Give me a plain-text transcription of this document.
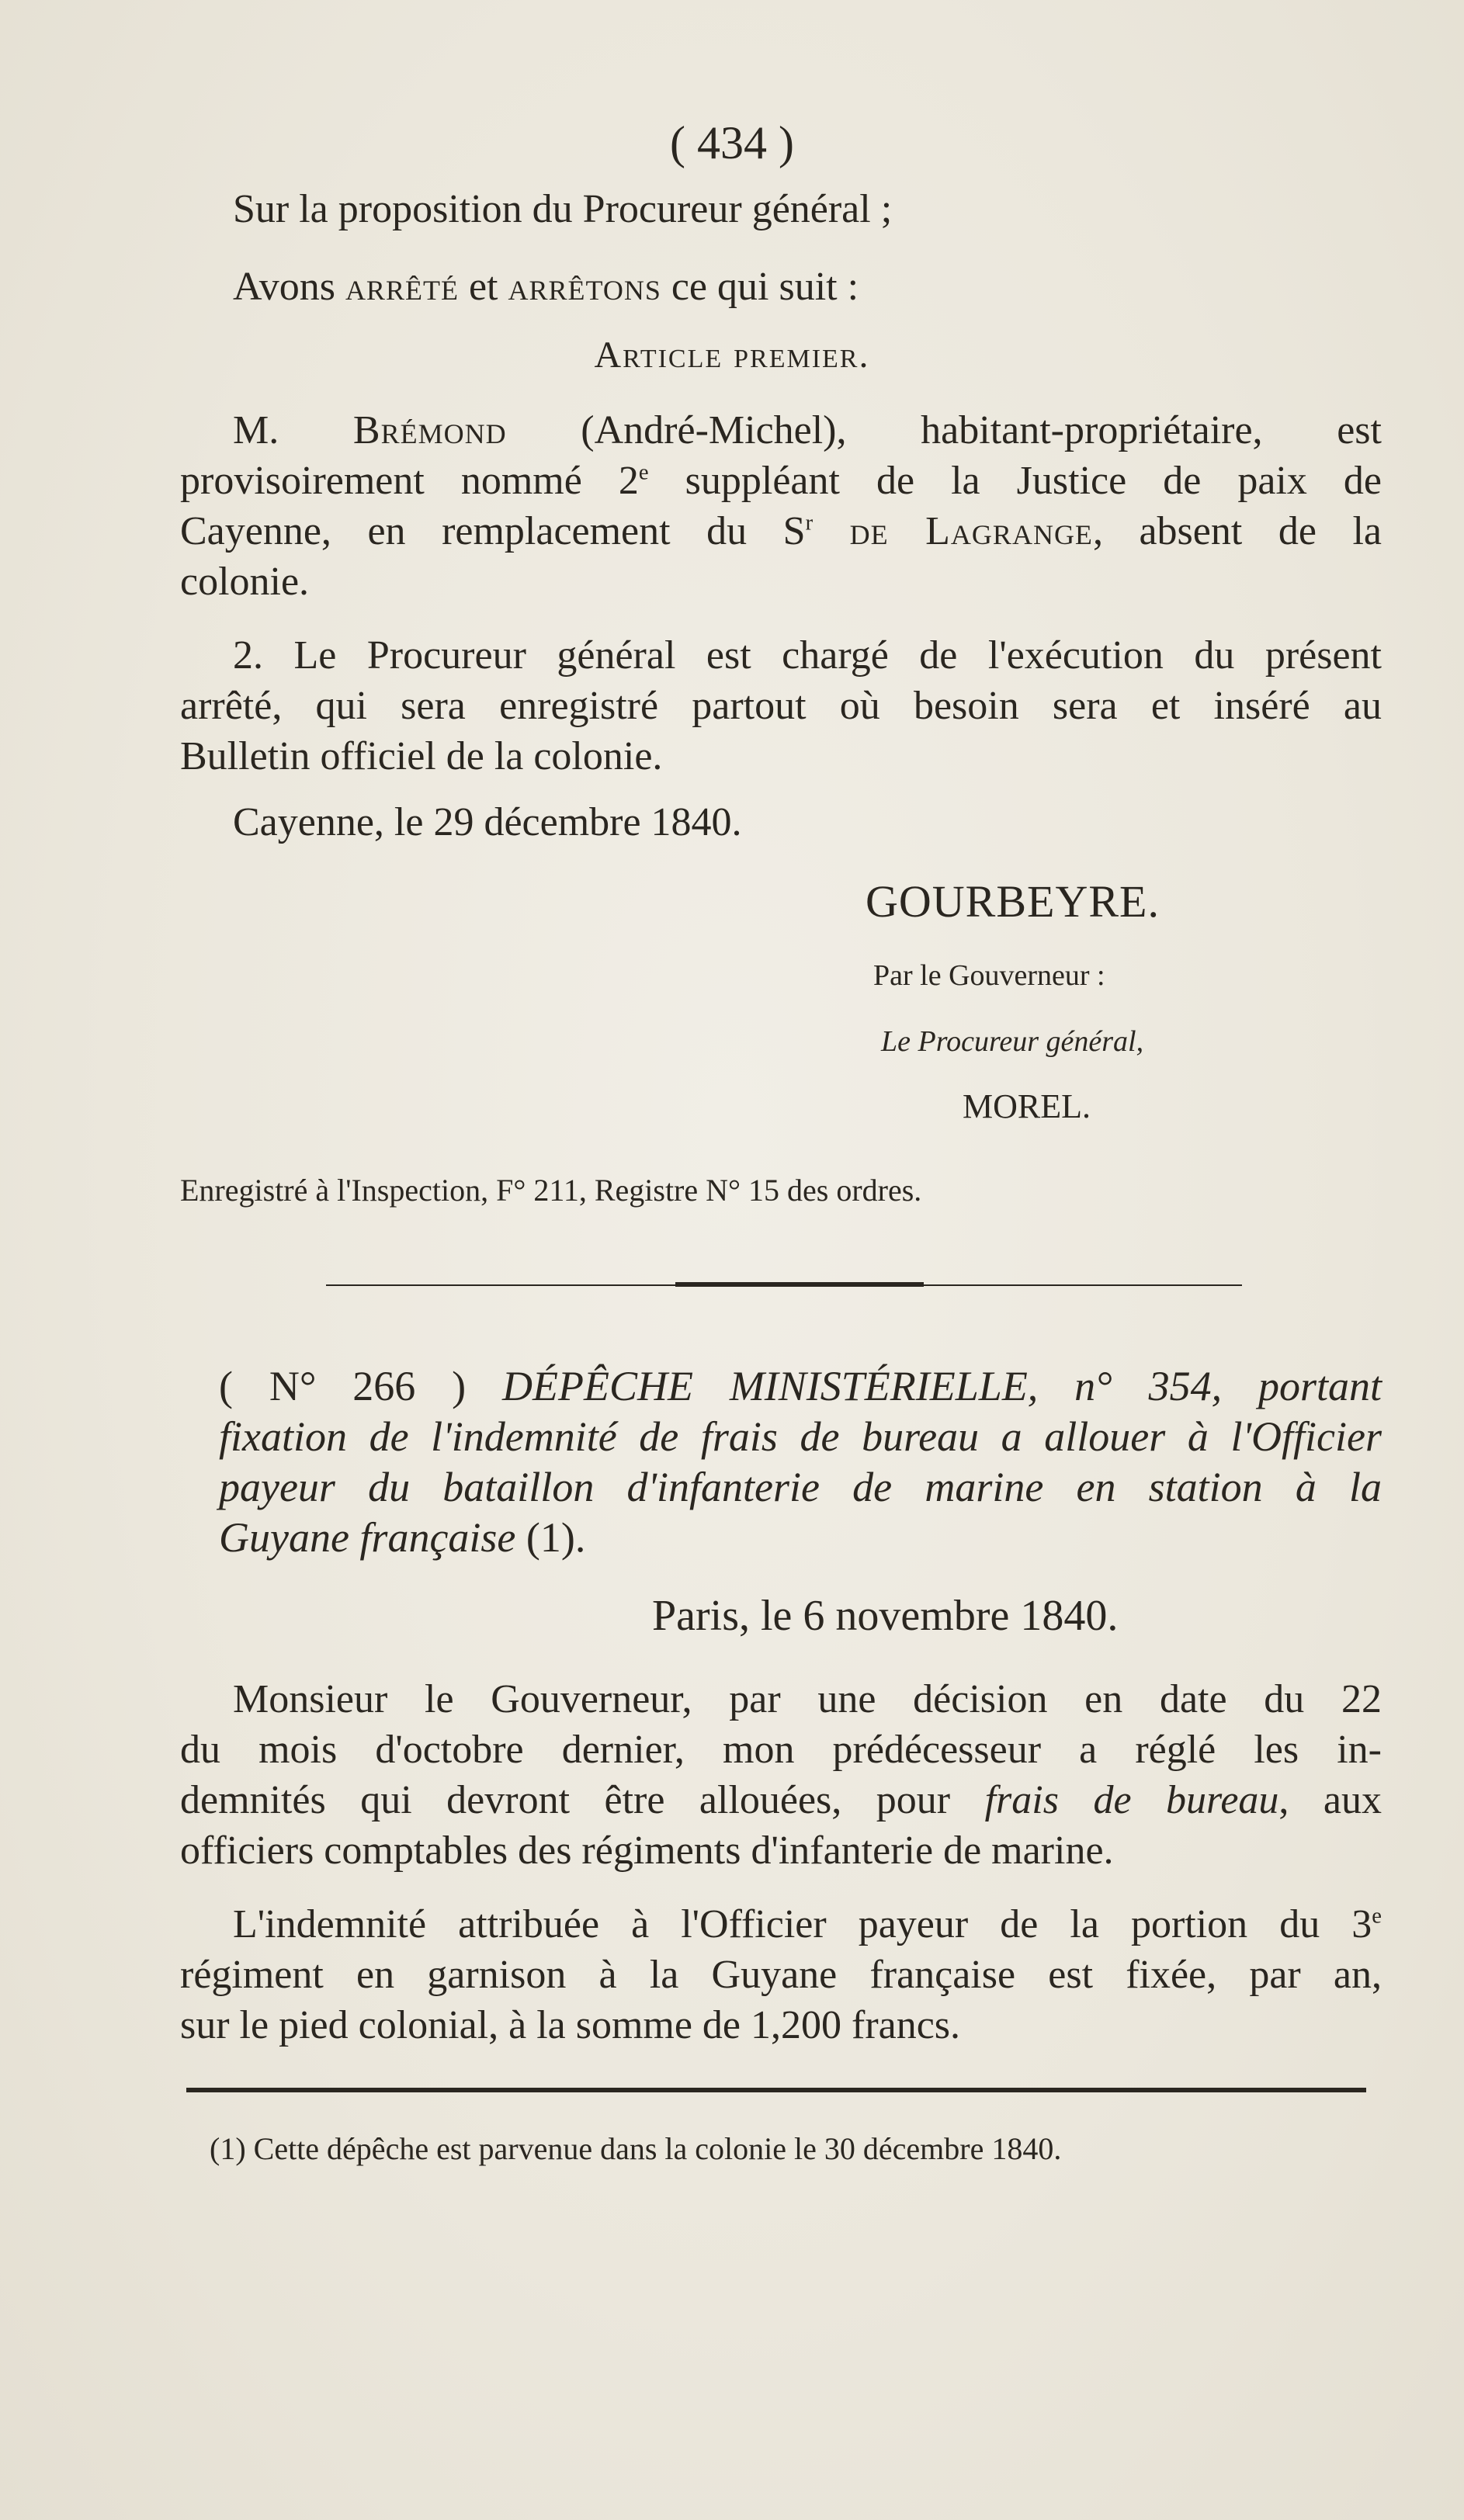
( 434 )
Sur la proposition du Procureur général ;
Avons arrêté et arrêtons ce qui suit :
Article premier.
M. Brémond (André-Michel), habitant-propriétaire, est
provisoirement nommé 2e suppléant de la Justice de paix de
Cayenne, en remplacement du $S^r$ de Lagrange, absent de la
colonie.
2. Le Procureur général est chargé de l'exécution du présent
arrêté, qui sera enregistré partout où besoin sera et inséré au
Bulletin officiel de la colonie.
Cayenne, le 29 décembre 1840.
GOURBEYRE.
Par le Gouverneur :
Le Procureur général,
MOREL.
Enregistré à l'Inspection, F° 211, Registre N° 15 des ordres.
( N° 266 ) DÉPÊCHE MINISTÉRIELLE, n° 354, portant
fixation de l'indemnité de frais de bureau a allouer à l'Officier
payeur du bataillon d'infanterie de marine en station à la
Guyane française (1).
Paris, le 6 novembre 1840.
Monsieur le Gouverneur, par une décision en date du 22
du mois d'octobre dernier, mon prédécesseur a réglé les in-
demnités qui devront être allouées, pour frais de bureau, aux
officiers comptables des régiments d'infanterie de marine.
L'indemnité attribuée à l'Officier payeur de la portion du 3e
régiment en garnison à la Guyane française est fixée, par an,
sur le pied colonial, à la somme de 1,200 francs.
(1) Cette dépêche est parvenue dans la colonie le 30 décembre 1840.
